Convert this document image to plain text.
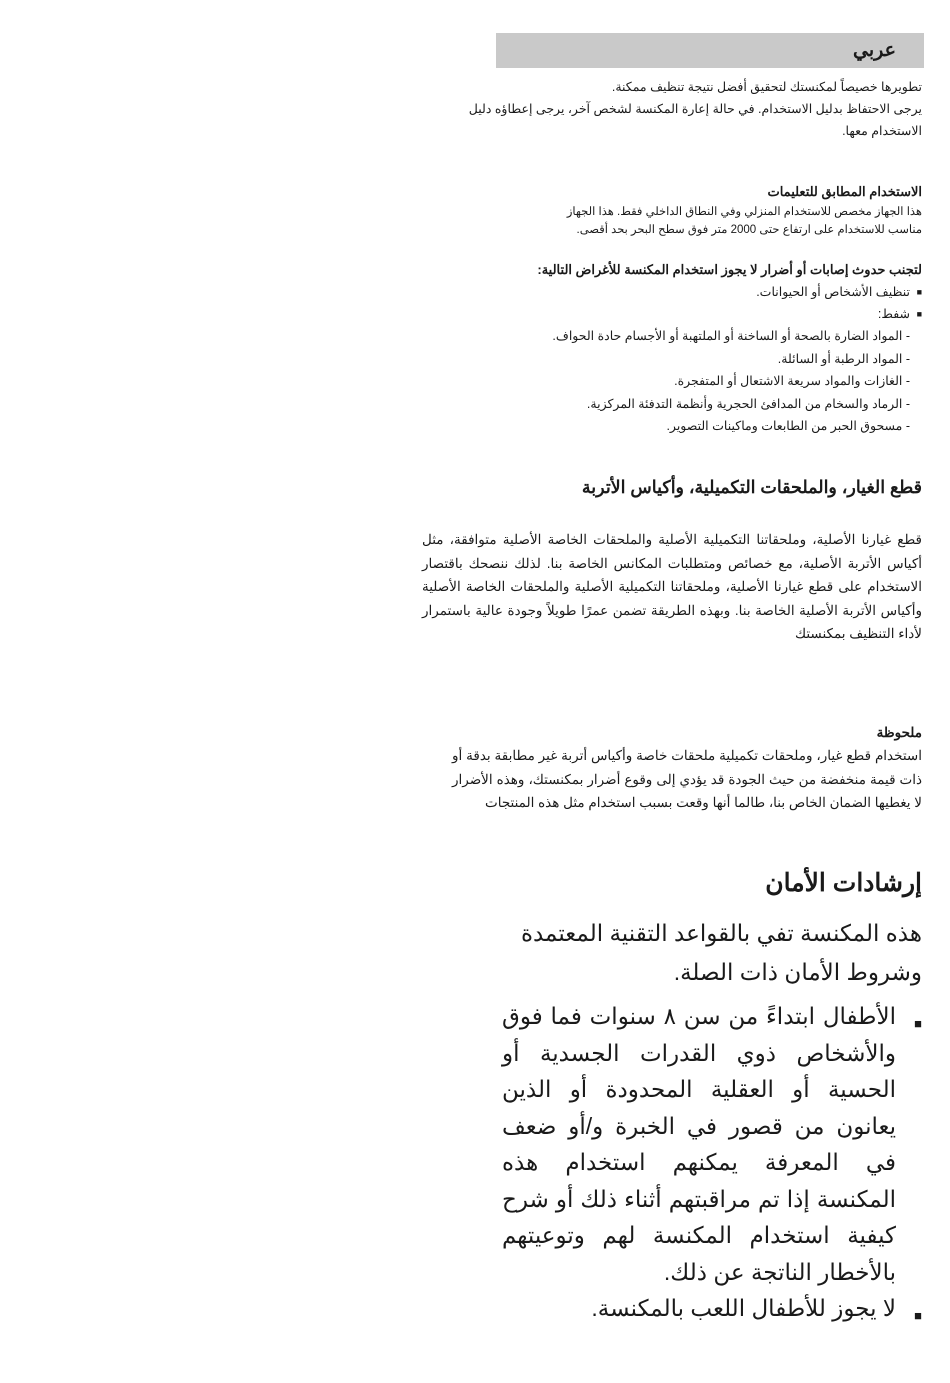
عربي
تطويرها خصيصاً لمكنستك لتحقيق أفضل نتيجة تنظيف ممكنة.
يرجى الاحتفاظ بدليل الاستخدام. في حالة إعارة المكنسة لشخص آخر، يرجى إعطاؤه دليل الاستخدام معها.
الاستخدام المطابق للتعليمات
هذا الجهاز مخصص للاستخدام المنزلي وفي النطاق الداخلي فقط. هذا الجهاز
مناسب للاستخدام على ارتفاع حتى 2000 متر فوق سطح البحر بحد أقصى.
لتجنب حدوث إصابات أو أضرار لا يجوز استخدام المكنسة للأغراض التالية:
■ تنظيف الأشخاص أو الحيوانات.
■ شفط:
- المواد الضارة بالصحة أو الساخنة أو الملتهبة أو الأجسام حادة الحواف.
- المواد الرطبة أو السائلة.
- الغازات والمواد سريعة الاشتعال أو المتفجرة.
- الرماد والسخام من المدافئ الحجرية وأنظمة التدفئة المركزية.
- مسحوق الحبر من الطابعات وماكينات التصوير.
قطع الغيار، والملحقات التكميلية، وأكياس الأتربة
قطع غيارنا الأصلية، وملحقاتنا التكميلية الأصلية والملحقات الخاصة الأصلية متوافقة، مثل أكياس الأتربة الأصلية، مع خصائص ومتطلبات المكانس الخاصة بنا. لذلك ننصحك باقتصار الاستخدام على قطع غيارنا الأصلية، وملحقاتنا التكميلية الأصلية والملحقات الخاصة الأصلية وأكياس الأتربة الأصلية الخاصة بنا. وبهذه الطريقة تضمن عمرًا طويلاً وجودة عالية باستمرار لأداء التنظيف بمكنستك
ملحوظة
استخدام قطع غيار، وملحقات تكميلية ملحقات خاصة وأكياس أتربة غير مطابقة بدقة أو ذات قيمة منخفضة من حيث الجودة قد يؤدي إلى وقوع أضرار بمكنستك، وهذه الأضرار لا يغطيها الضمان الخاص بنا، طالما أنها وقعت بسبب استخدام مثل هذه المنتجات
إرشادات الأمان
هذه المكنسة تفي بالقواعد التقنية المعتمدة وشروط الأمان ذات الصلة.
■ الأطفال ابتداءً من سن ٨ سنوات فما فوق والأشخاص ذوي القدرات الجسدية أو الحسية أو العقلية المحدودة أو الذين يعانون من قصور في الخبرة و/أو ضعف في المعرفة يمكنهم استخدام هذه المكنسة إذا تم مراقبتهم أثناء ذلك أو شرح كيفية استخدام المكنسة لهم وتوعيتهم بالأخطار الناتجة عن ذلك.
■ لا يجوز للأطفال اللعب بالمكنسة.
